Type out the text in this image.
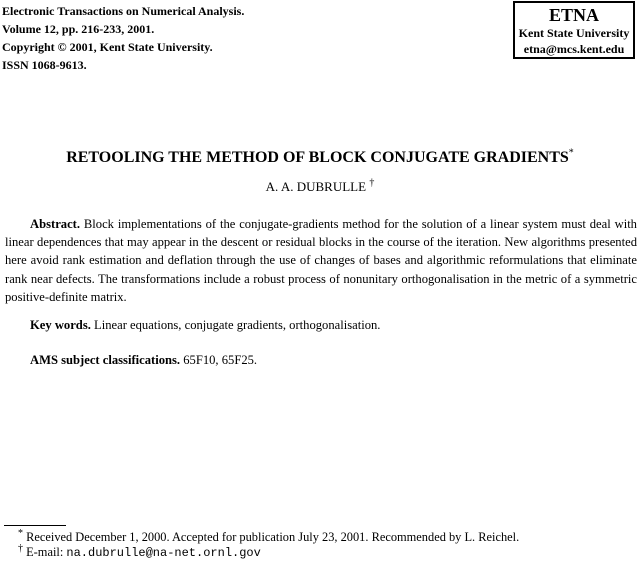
Electronic Transactions on Numerical Analysis.
Volume 12, pp. 216-233, 2001.
Copyright © 2001, Kent State University.
ISSN 1068-9613.
ETNA
Kent State University
etna@mcs.kent.edu
RETOOLING THE METHOD OF BLOCK CONJUGATE GRADIENTS*
A. A. DUBRULLE †

Abstract. Block implementations of the conjugate-gradients method for the solution of a linear system must deal with linear dependences that may appear in the descent or residual blocks in the course of the iteration. New algorithms presented here avoid rank estimation and deflation through the use of changes of bases and algorithmic reformulations that eliminate rank near defects. The transformations include a robust process of nonunitary orthogonalisation in the metric of a symmetric positive-definite matrix.

Key words. Linear equations, conjugate gradients, orthogonalisation.
AMS subject classifications. 65F10, 65F25.
* Received December 1, 2000. Accepted for publication July 23, 2001. Recommended by L. Reichel.
† E-mail: na.dubrulle@na-net.ornl.gov
